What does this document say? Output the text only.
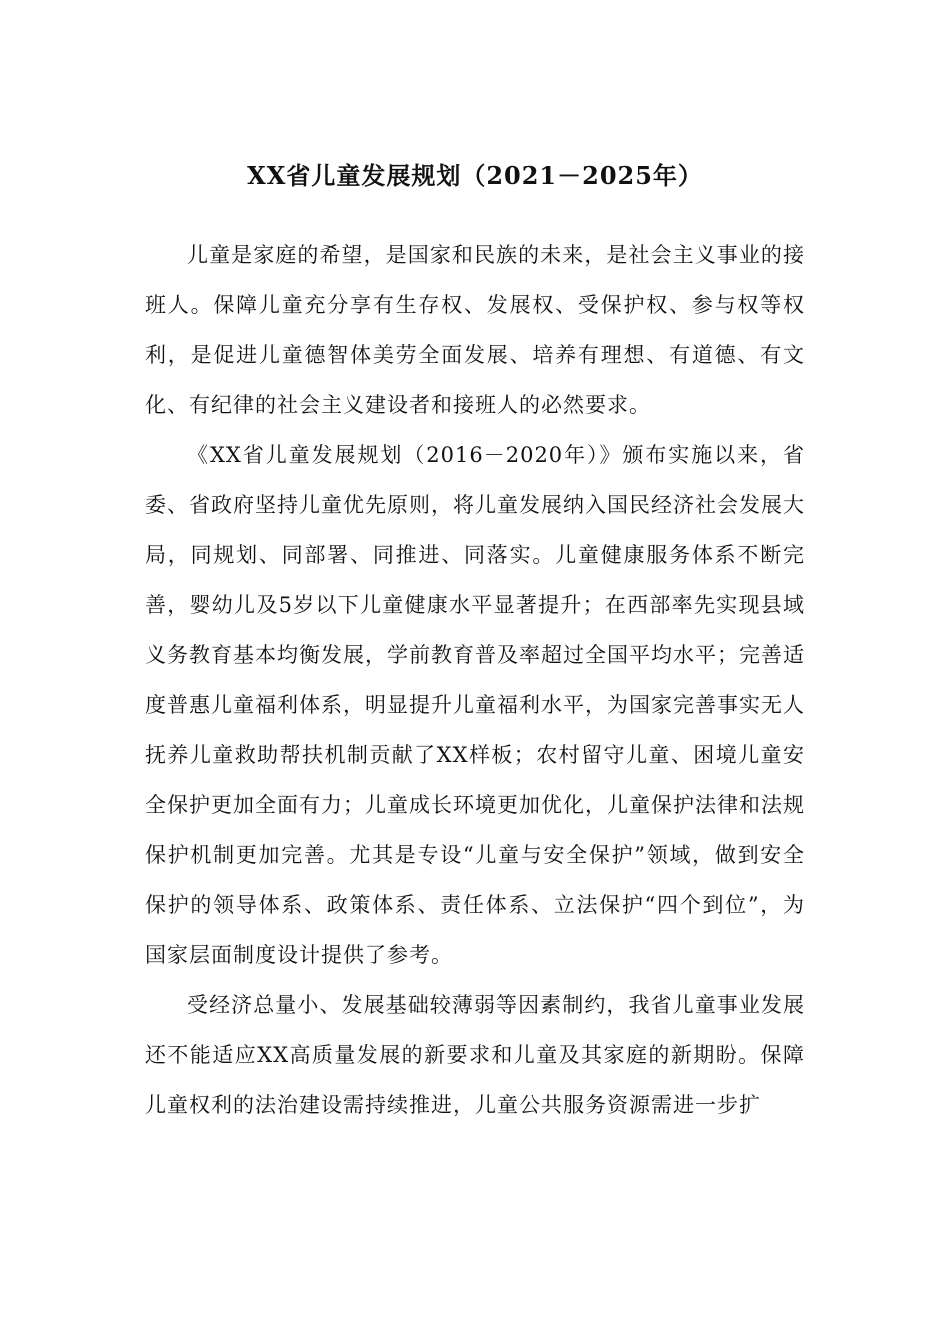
XX省儿童发展规划（2021－2025年）

儿童是家庭的希望，是国家和民族的未来，是社会主义事业的接班人。保障儿童充分享有生存权、发展权、受保护权、参与权等权利，是促进儿童德智体美劳全面发展、培养有理想、有道德、有文化、有纪律的社会主义建设者和接班人的必然要求。

《XX省儿童发展规划（2016－2020年）》颁布实施以来，省委、省政府坚持儿童优先原则，将儿童发展纳入国民经济社会发展大局，同规划、同部署、同推进、同落实。儿童健康服务体系不断完善，婴幼儿及5岁以下儿童健康水平显著提升；在西部率先实现县域义务教育基本均衡发展，学前教育普及率超过全国平均水平；完善适度普惠儿童福利体系，明显提升儿童福利水平，为国家完善事实无人抚养儿童救助帮扶机制贡献了XX样板；农村留守儿童、困境儿童安全保护更加全面有力；儿童成长环境更加优化，儿童保护法律和法规保护机制更加完善。尤其是专设“儿童与安全保护”领域，做到安全保护的领导体系、政策体系、责任体系、立法保护“四个到位”，为国家层面制度设计提供了参考。

受经济总量小、发展基础较薄弱等因素制约，我省儿童事业发展还不能适应XX高质量发展的新要求和儿童及其家庭的新期盼。保障儿童权利的法治建设需持续推进，儿童公共服务资源需进一步扩
